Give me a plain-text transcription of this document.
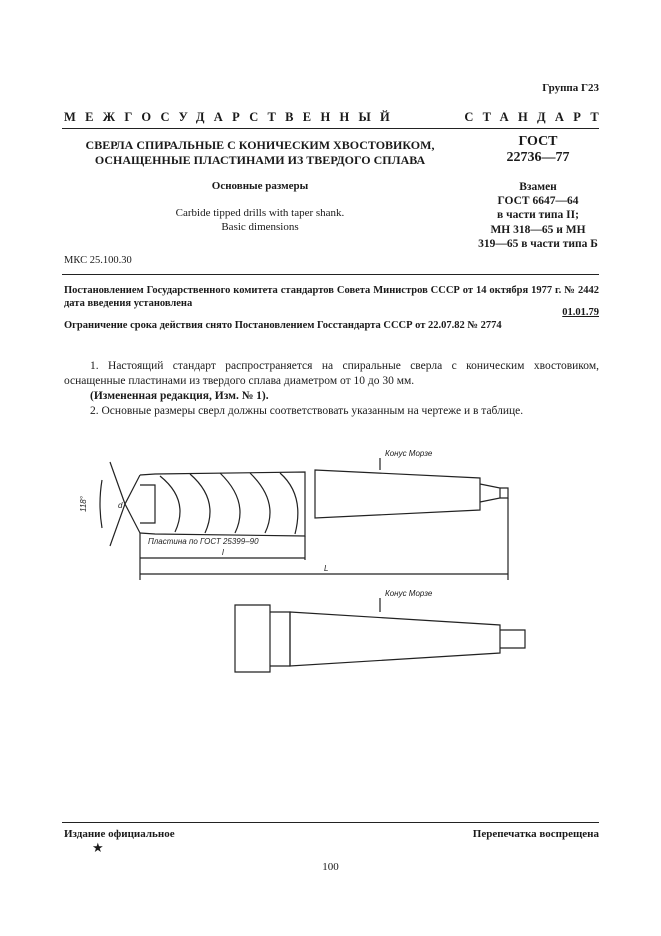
Группа Г23
МЕЖГОСУДАРСТВЕННЫЙ	СТАНДАРТ
СВЕРЛА СПИРАЛЬНЫЕ С КОНИЧЕСКИМ ХВОСТОВИКОМ,
ОСНАЩЕННЫЕ ПЛАСТИНАМИ ИЗ ТВЕРДОГО СПЛАВА
ГОСТ
22736—77
Основные размеры
Carbide tipped drills with taper shank.
Basic dimensions
Взамен
ГОСТ 6647—64
в части типа II;
МН 318—65 и МН
319—65 в части типа Б
МКС 25.100.30
Постановлением Государственного комитета стандартов Совета Министров СССР от 14 октября 1977 г. № 2442 дата введения установлена
01.01.79
Ограничение срока действия снято Постановлением Госстандарта СССР от 22.07.82 № 2774
1. Настоящий стандарт распространяется на спиральные сверла с коническим хвостовиком, оснащенные пластинами из твердого сплава диаметром от 10 до 30 мм.
(Измененная редакция, Изм. № 1).
2. Основные размеры сверл должны соответствовать указанным на чертеже и в таблице.
Конус Морзе
Конус Морзе
118°	d
Пластина по ГОСТ 25399–90
l
L
Издание официальное	Перепечатка воспрещена
★
100
